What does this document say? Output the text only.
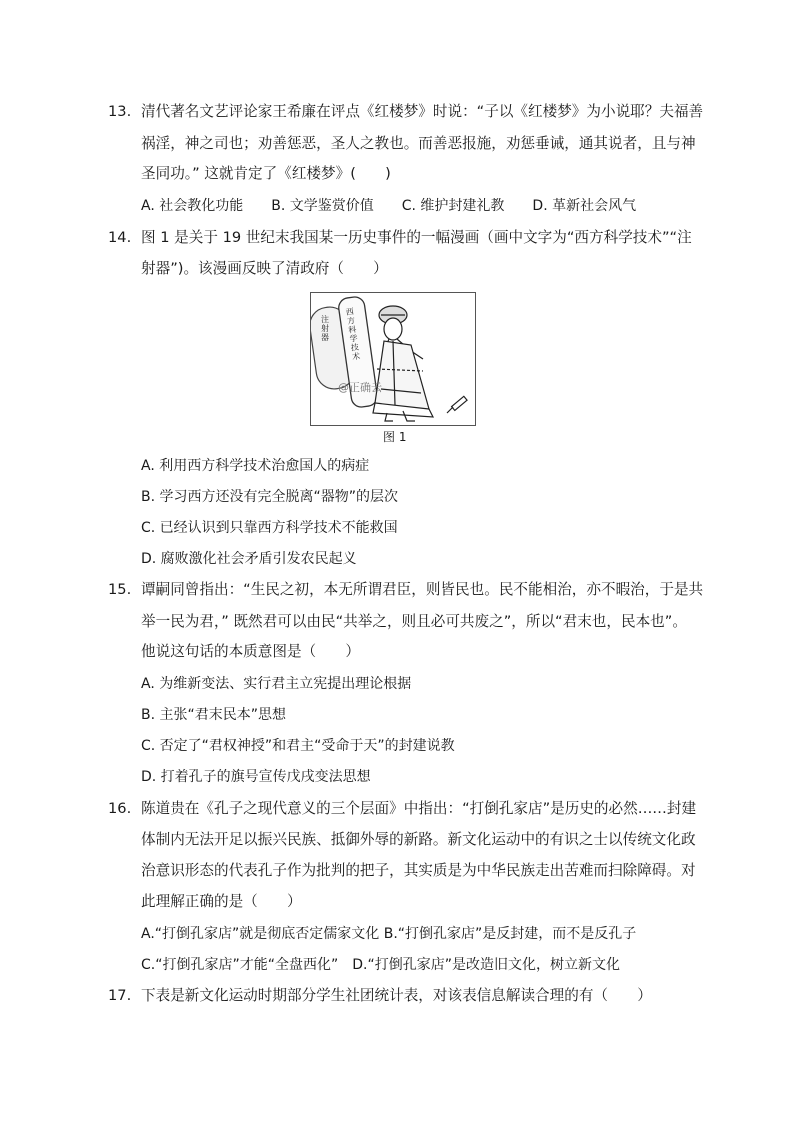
13. 清代著名文艺评论家王希廉在评点《红楼梦》时说：“子以《红楼梦》为小说耶？夫福善
祸淫，神之司也；劝善惩恶，圣人之教也。而善恶报施，劝惩垂诫，通其说者，且与神
圣同功。” 这就肯定了《红楼梦》(　　)
A. 社会教化功能　　B. 文学鉴赏价值　　C. 维护封建礼教　　D. 革新社会风气
14. 图 1 是关于 19 世纪末我国某一历史事件的一幅漫画（画中文字为“西方科学技术”“注
射器”)。该漫画反映了清政府（　　）
注射器
西方科学技术
@正确云
图 1
A. 利用西方科学技术治愈国人的病症
B. 学习西方还没有完全脱离“器物”的层次
C. 已经认识到只靠西方科学技术不能救国
D. 腐败激化社会矛盾引发农民起义
15. 谭嗣同曾指出：“生民之初，本无所谓君臣，则皆民也。民不能相治，亦不暇治，于是共
举一民为君，” 既然君可以由民“共举之，则且必可共废之”，所以“君末也，民本也”。
他说这句话的本质意图是（　　）
A. 为维新变法、实行君主立宪提出理论根据
B. 主张“君末民本”思想
C. 否定了“君权神授”和君主“受命于天”的封建说教
D. 打着孔子的旗号宣传戊戌变法思想
16. 陈道贵在《孔子之现代意义的三个层面》中指出：“打倒孔家店”是历史的必然……封建
体制内无法开足以振兴民族、抵御外辱的新路。新文化运动中的有识之士以传统文化政
治意识形态的代表孔子作为批判的把子，其实质是为中华民族走出苦难而扫除障碍。对
此理解正确的是（　　）
A.“打倒孔家店”就是彻底否定儒家文化 B.“打倒孔家店”是反封建，而不是反孔子
C.“打倒孔家店”才能“全盘西化”　D.“打倒孔家店”是改造旧文化，树立新文化
17. 下表是新文化运动时期部分学生社团统计表，对该表信息解读合理的有（　　）
